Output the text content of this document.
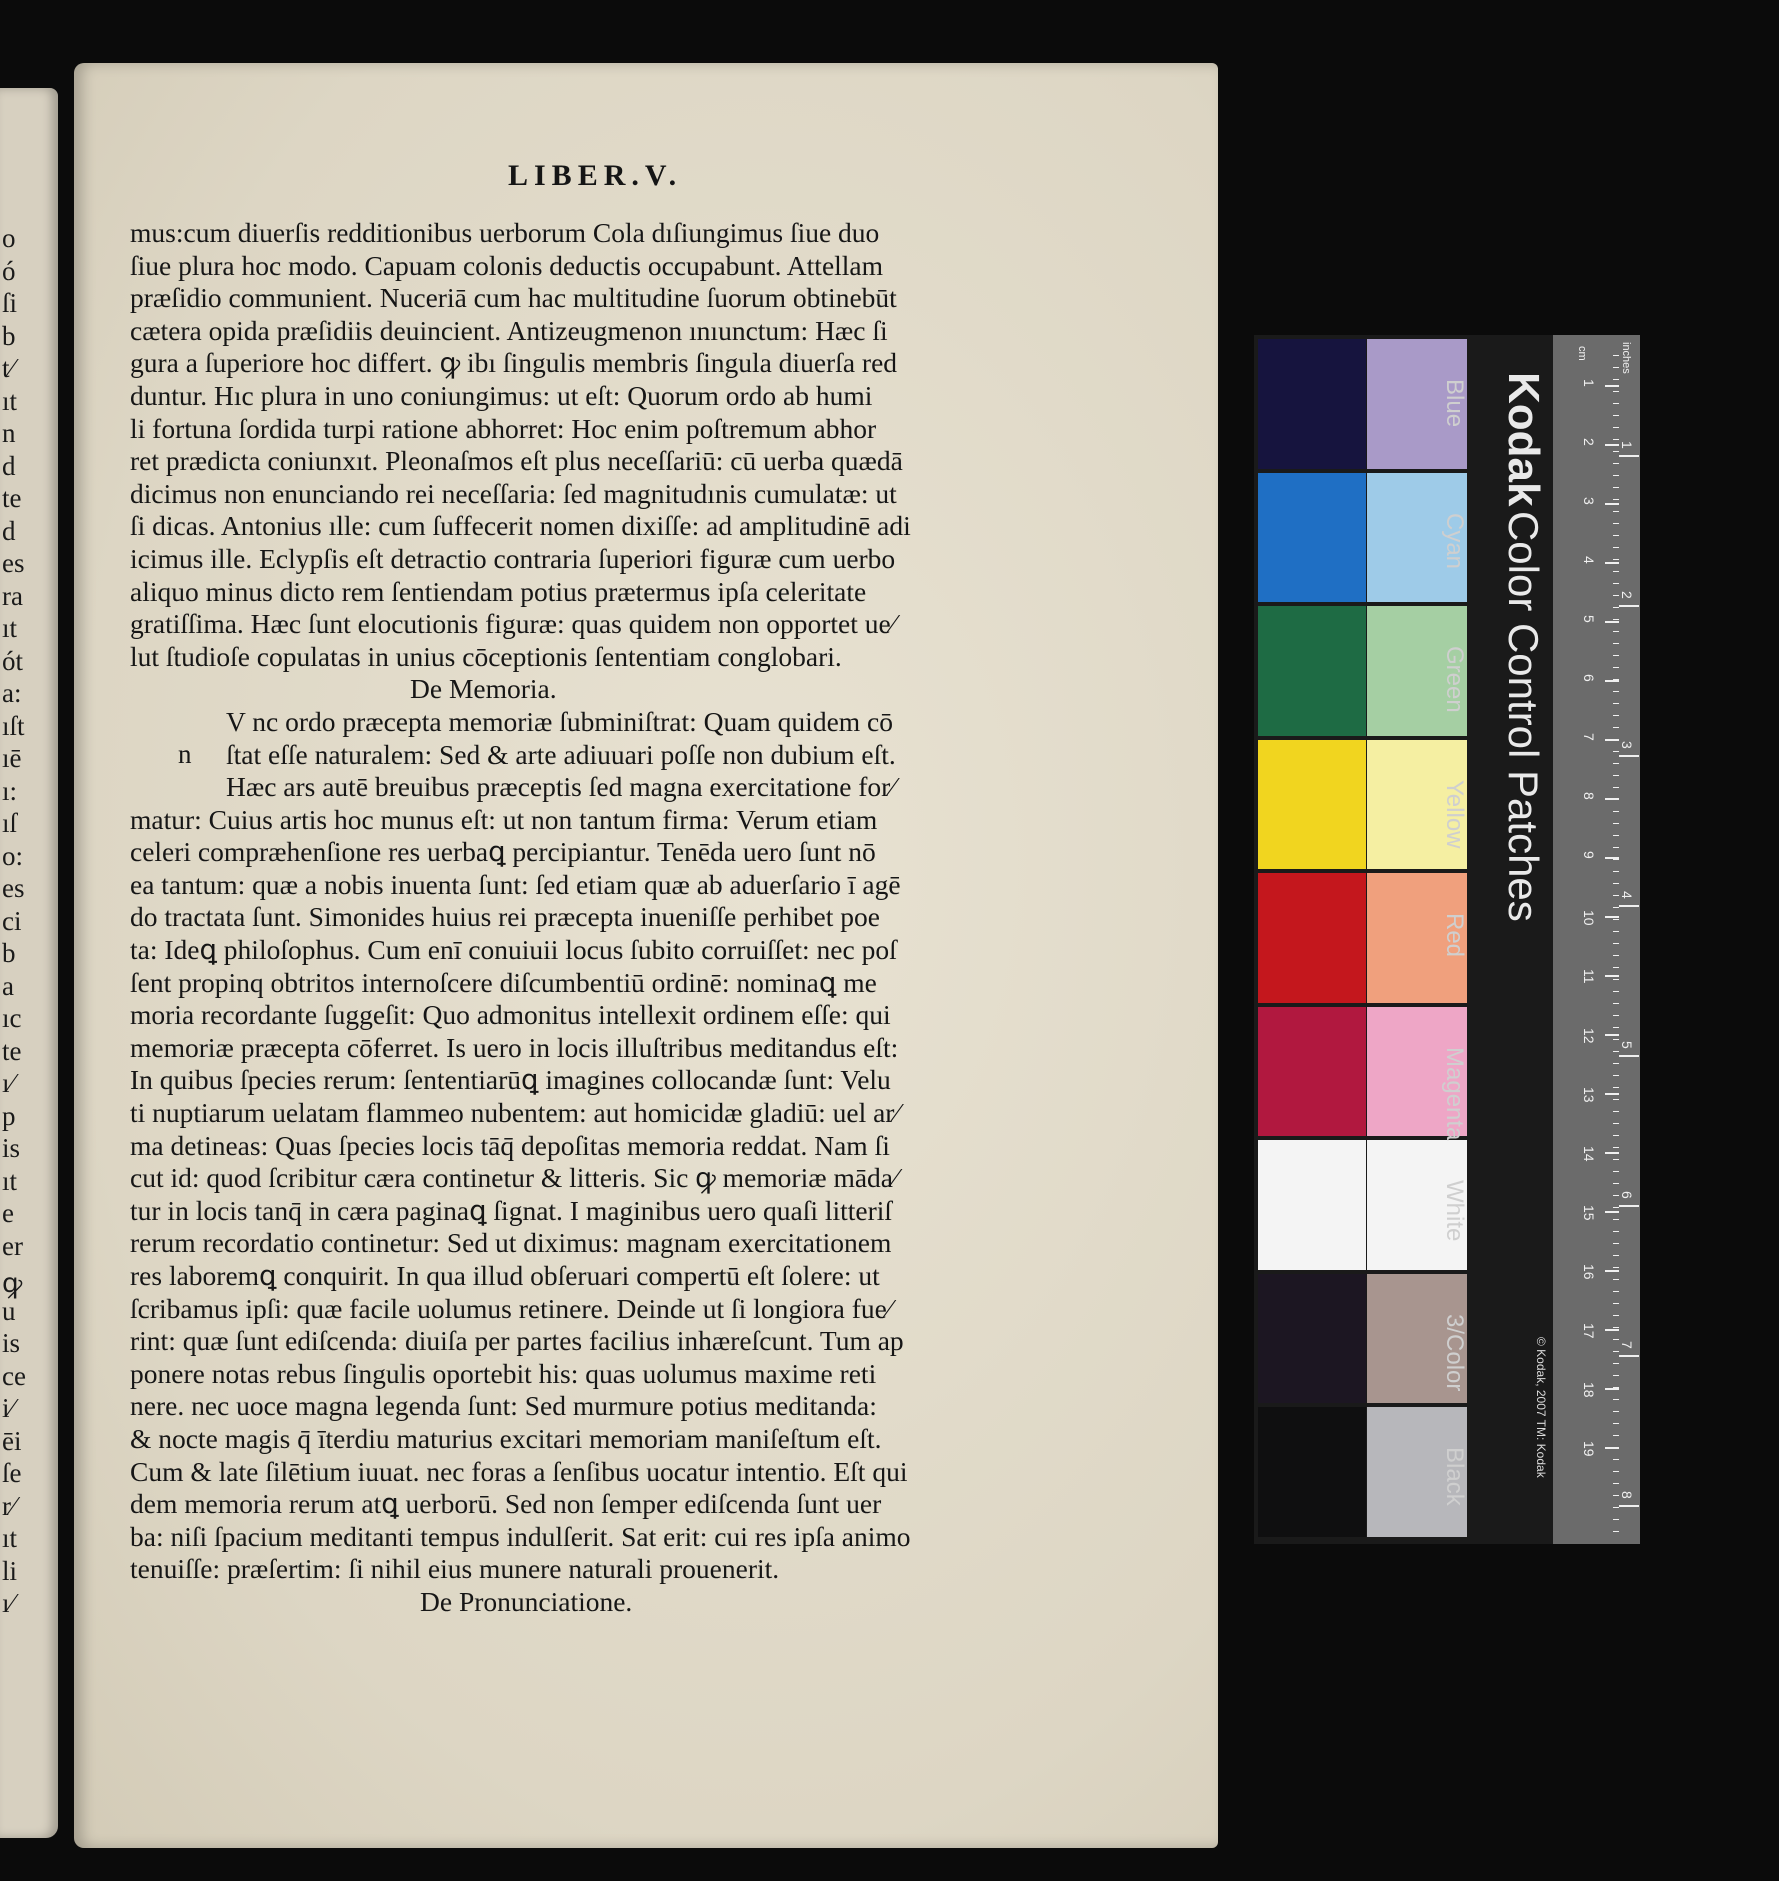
o
ó
ſi
b
t⁄
ıt
n
d
te
d
es
ra
ıt
ót
a:
ıſt
ıē
ı:
ıſ
o:
es
ci
b
a
ıc
te
ı⁄
p
is
ıt
e
er
ꝙ
u
is
ce
i⁄
ēi
ſe
r⁄
ıt
li
ı⁄
LIBER.V.
n
mus:cum diuerſis redditionibus uerborum Cola dıſiungimus ſiue duo
ſiue plura hoc modo. Capuam colonis deductis occupabunt. Attellam
præſidio communient. Nuceriā cum hac multitudine ſuorum obtinebūt
cætera opida præſidiis deuincient. Antizeugmenon ınıunctum: Hæc ſi
gura a ſuperiore hoc differt. ꝙ ibı ſingulis membris ſingula diuerſa red
duntur. Hıc plura in uno coniungimus: ut eſt: Quorum ordo ab humi
li fortuna ſordida turpi ratione abhorret: Hoc enim poſtremum abhor
ret prædicta coniunxıt. Pleonaſmos eſt plus neceſſariū: cū uerba quædā
dicimus non enunciando rei neceſſaria: ſed magnitudınis cumulatæ: ut
ſi dicas. Antonius ılle: cum ſuffecerit nomen dixiſſe: ad amplitudinē adi
icimus ille. Eclypſis eſt detractio contraria ſuperiori figuræ cum uerbo
aliquo minus dicto rem ſentiendam potius prætermus ipſa celeritate
gratiſſima. Hæc ſunt elocutionis figuræ: quas quidem non opportet ue⁄
lut ſtudioſe copulatas in unius cōceptionis ſententiam conglobari.
De Memoria.
V nc ordo præcepta memoriæ ſubminiſtrat: Quam quidem cō
ſtat eſſe naturalem: Sed & arte adiuuari poſſe non dubium eſt.
Hæc ars autē breuibus præceptis ſed magna exercitatione for⁄
matur: Cuius artis hoc munus eſt: ut non tantum firma: Verum etiam
celeri compræhenſione res uerbaꝗ percipiantur. Tenēda uero ſunt nō
ea tantum: quæ a nobis inuenta ſunt: ſed etiam quæ ab aduerſario ī agē
do tractata ſunt. Simonides huius rei præcepta inueniſſe perhibet poe
ta: Ideꝗ philoſophus. Cum enī conuiuii locus ſubito corruiſſet: nec poſ
ſent propinq obtritos internoſcere diſcumbentiū ordinē: nominaꝗ me
moria recordante ſuggeſit: Quo admonitus intellexit ordinem eſſe: qui
memoriæ præcepta cōferret. Is uero in locis illuſtribus meditandus eſt:
In quibus ſpecies rerum: ſententiarūꝗ imagines collocandæ ſunt: Velu
ti nuptiarum uelatam flammeo nubentem: aut homicidæ gladiū: uel ar⁄
ma detineas: Quas ſpecies locis tāq̄ depoſitas memoria reddat. Nam ſi
cut id: quod ſcribitur cæra continetur & litteris. Sic ꝙ memoriæ māda⁄
tur in locis tanq̄ in cæra paginaꝗ ſignat. I maginibus uero quaſi litteriſ
rerum recordatio continetur: Sed ut diximus: magnam exercitationem
res laboremꝗ conquirit. In qua illud obſeruari compertū eſt ſolere: ut
ſcribamus ipſi: quæ facile uolumus retinere. Deinde ut ſi longiora fue⁄
rint: quæ ſunt ediſcenda: diuiſa per partes facilius inhæreſcunt. Tum ap
ponere notas rebus ſingulis oportebit his: quas uolumus maxime reti
nere. nec uoce magna legenda ſunt: Sed murmure potius meditanda:
& nocte magis q̄ īterdiu maturius excitari memoriam maniſeſtum eſt.
Cum & late ſilētium iuuat. nec foras a ſenſibus uocatur intentio. Eſt qui
dem memoria rerum atꝗ uerborū. Sed non ſemper ediſcenda ſunt uer
ba: niſi ſpacium meditanti tempus indulſerit. Sat erit: cui res ipſa animo
tenuiſſe: præſertim: ſi nihil eius munere naturali prouenerit.
De Pronunciatione.
Kodak Color Control Patches
© Kodak, 2007 TM: Kodak
inches
cm
Blue
Cyan
Green
Yellow
Red
Magenta
White
3/Color
Black
1
2
3
4
5
6
7
8
9
10
11
12
13
14
15
16
17
18
19
1
2
3
4
5
6
7
8
